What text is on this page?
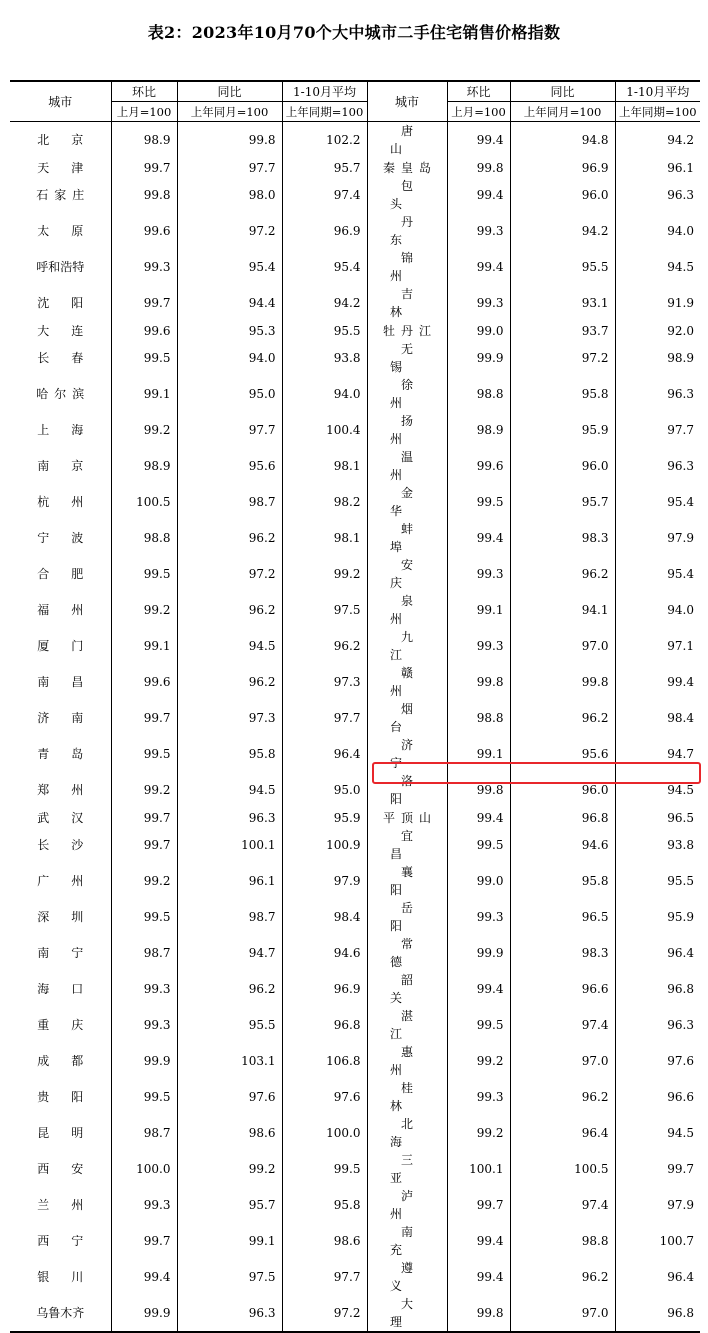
表2：2023年10月70个大中城市二手住宅销售价格指数
城市	环比	同比	1-10月平均	城市	环比	同比	1-10月平均
	上月=100	上年同月=100	上年同期=100		上月=100	上年同月=100	上年同期=100
北京	98.9	99.8	102.2	唐山	99.4	94.8	94.2
天津	99.7	97.7	95.7	秦皇岛	99.8	96.9	96.1
石家庄	99.8	98.0	97.4	包头	99.4	96.0	96.3
太原	99.6	97.2	96.9	丹东	99.3	94.2	94.0
呼和浩特	99.3	95.4	95.4	锦州	99.4	95.5	94.5
沈阳	99.7	94.4	94.2	吉林	99.3	93.1	91.9
大连	99.6	95.3	95.5	牡丹江	99.0	93.7	92.0
长春	99.5	94.0	93.8	无锡	99.9	97.2	98.9
哈尔滨	99.1	95.0	94.0	徐州	98.8	95.8	96.3
上海	99.2	97.7	100.4	扬州	98.9	95.9	97.7
南京	98.9	95.6	98.1	温州	99.6	96.0	96.3
杭州	100.5	98.7	98.2	金华	99.5	95.7	95.4
宁波	98.8	96.2	98.1	蚌埠	99.4	98.3	97.9
合肥	99.5	97.2	99.2	安庆	99.3	96.2	95.4
福州	99.2	96.2	97.5	泉州	99.1	94.1	94.0
厦门	99.1	94.5	96.2	九江	99.3	97.0	97.1
南昌	99.6	96.2	97.3	赣州	99.8	99.8	99.4
济南	99.7	97.3	97.7	烟台	98.8	96.2	98.4
青岛	99.5	95.8	96.4	济宁	99.1	95.6	94.7
郑州	99.2	94.5	95.0	洛阳	99.8	96.0	94.5
武汉	99.7	96.3	95.9	平顶山	99.4	96.8	96.5
长沙	99.7	100.1	100.9	宜昌	99.5	94.6	93.8
广州	99.2	96.1	97.9	襄阳	99.0	95.8	95.5
深圳	99.5	98.7	98.4	岳阳	99.3	96.5	95.9
南宁	98.7	94.7	94.6	常德	99.9	98.3	96.4
海口	99.3	96.2	96.9	韶关	99.4	96.6	96.8
重庆	99.3	95.5	96.8	湛江	99.5	97.4	96.3
成都	99.9	103.1	106.8	惠州	99.2	97.0	97.6
贵阳	99.5	97.6	97.6	桂林	99.3	96.2	96.6
昆明	98.7	98.6	100.0	北海	99.2	96.4	94.5
西安	100.0	99.2	99.5	三亚	100.1	100.5	99.7
兰州	99.3	95.7	95.8	泸州	99.7	97.4	97.9
西宁	99.7	99.1	98.6	南充	99.4	98.8	100.7
银川	99.4	97.5	97.7	遵义	99.4	96.2	96.4
乌鲁木齐	99.9	96.3	97.2	大理	99.8	97.0	96.8
